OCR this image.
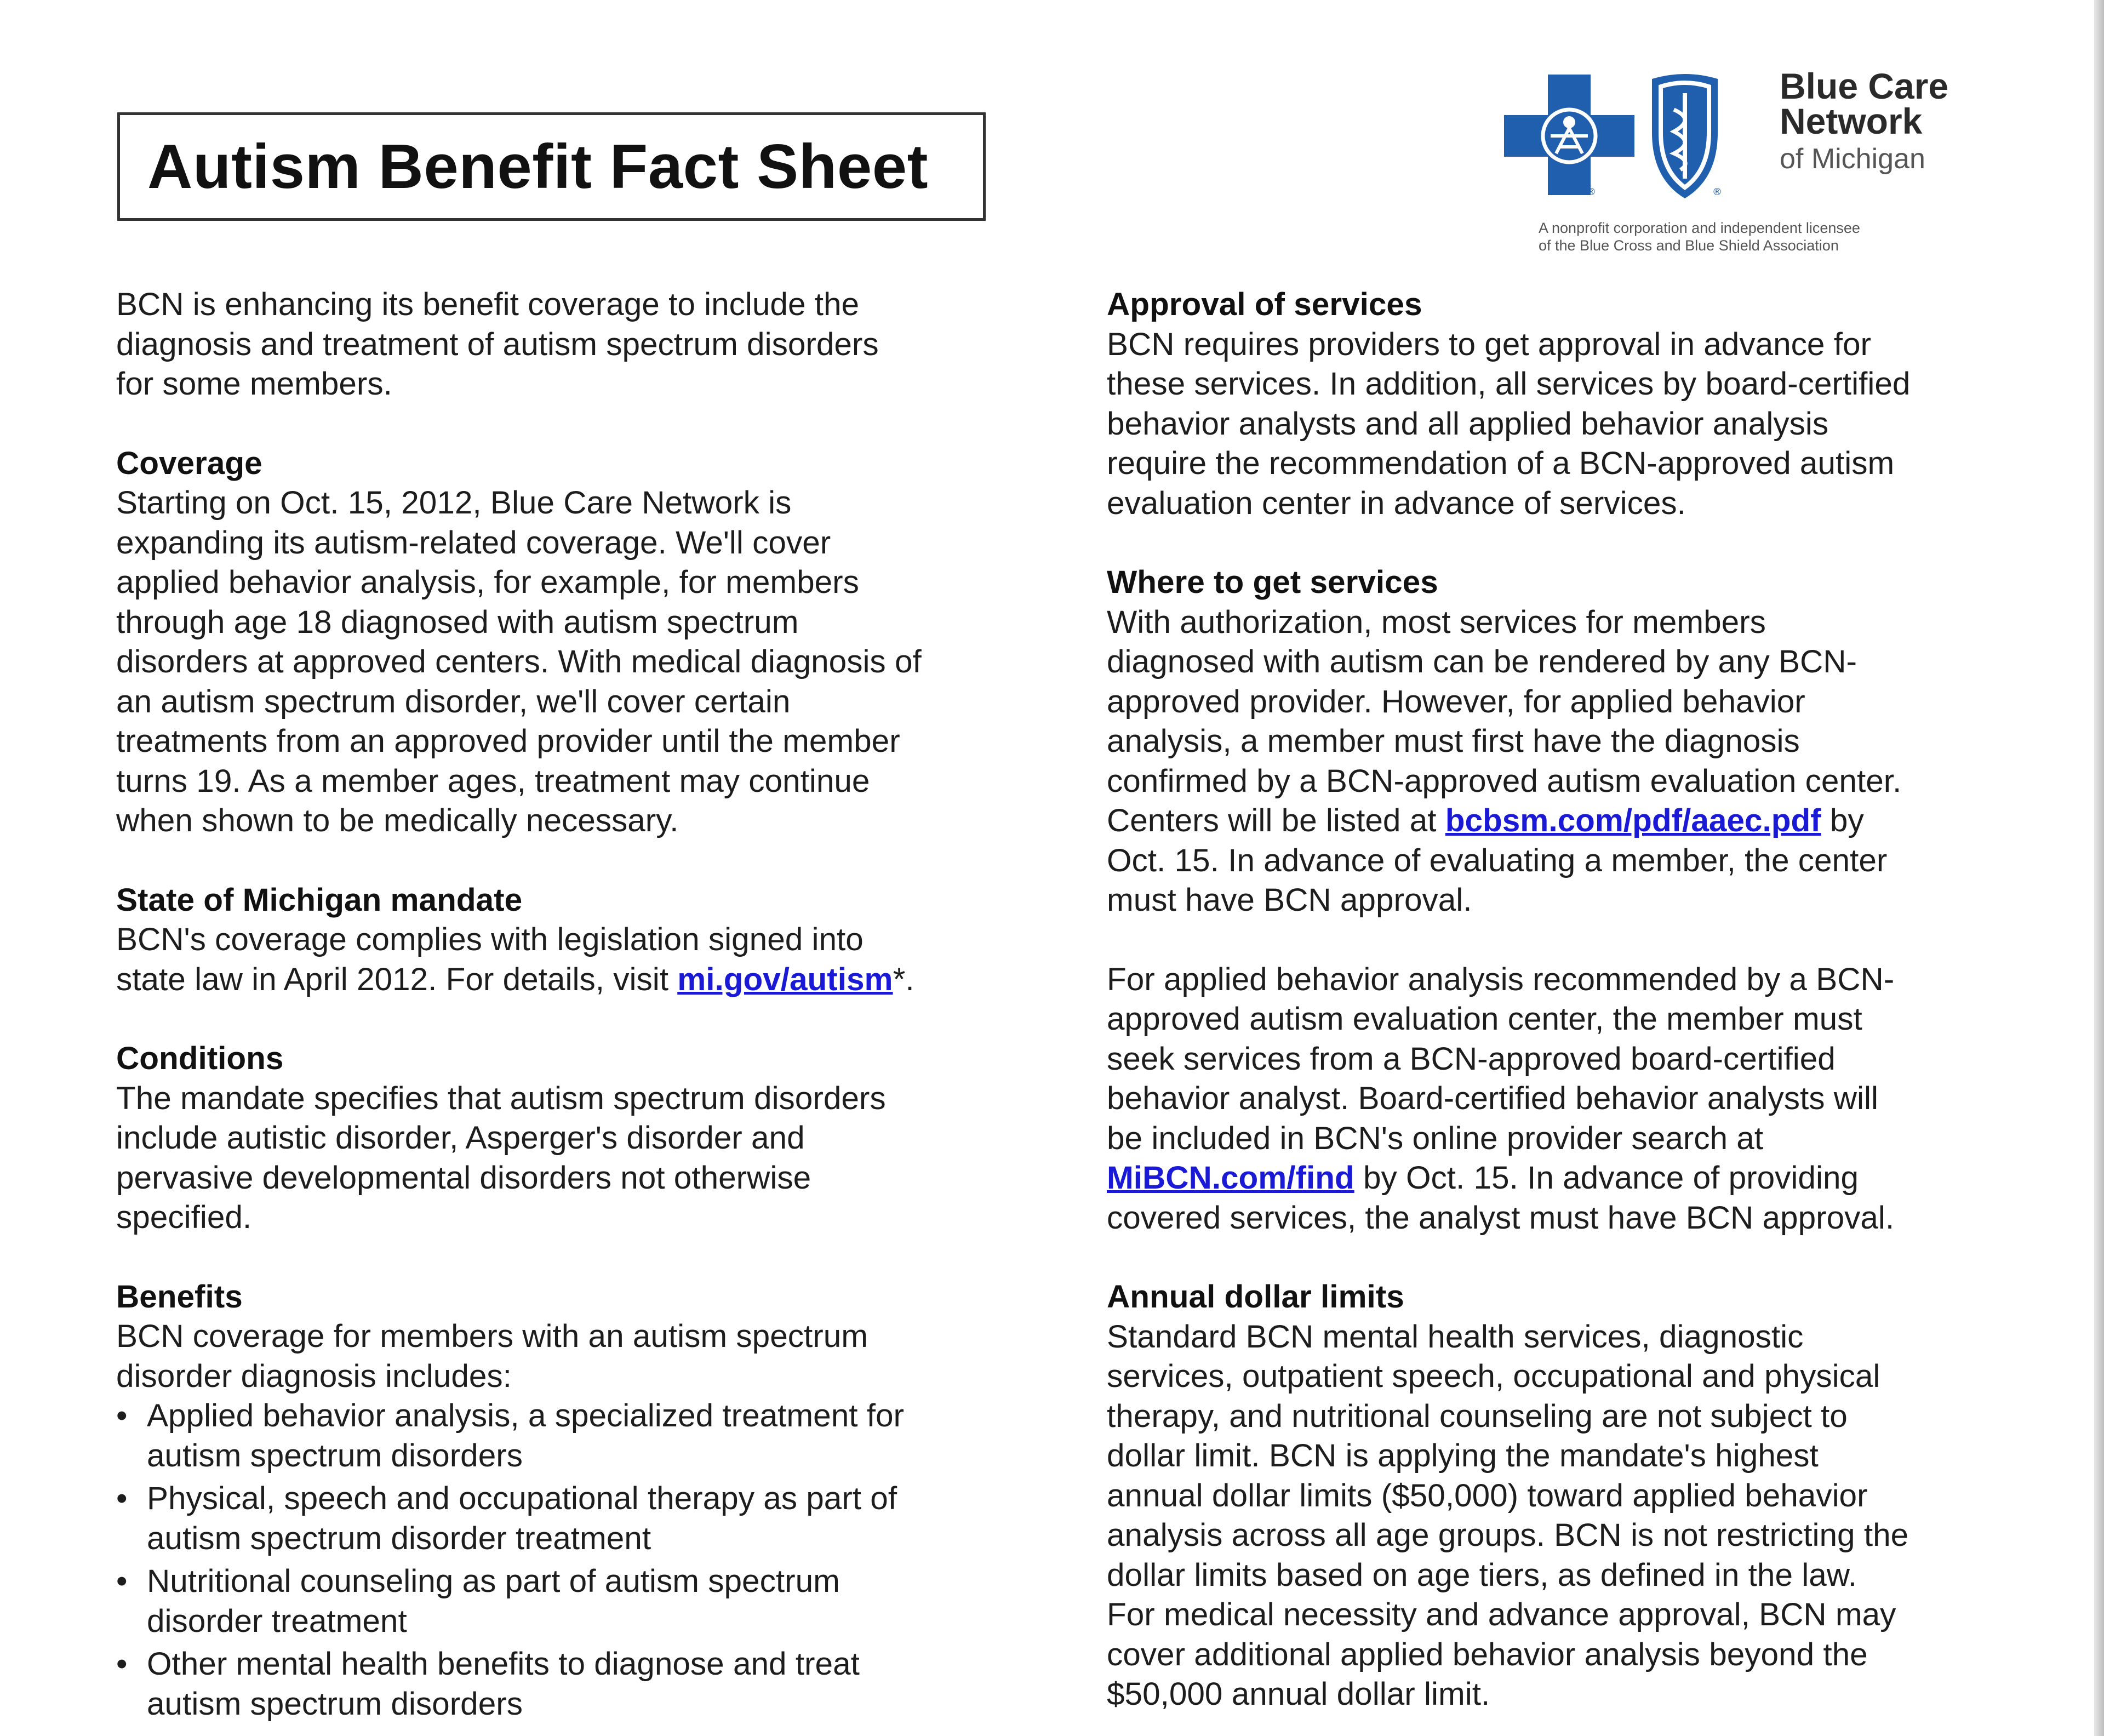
Autism Benefit Fact Sheet	®	®
Blue Care
Network
of Michigan
A nonprofit corporation and independent licensee
of the Blue Cross and Blue Shield Association
BCN is enhancing its benefit coverage to include the
diagnosis and treatment of autism spectrum disorders
for some members.
Coverage
Starting on Oct. 15, 2012, Blue Care Network is
expanding its autism-related coverage. We'll cover
applied behavior analysis, for example, for members
through age 18 diagnosed with autism spectrum
disorders at approved centers. With medical diagnosis of
an autism spectrum disorder, we'll cover certain
treatments from an approved provider until the member
turns 19. As a member ages, treatment may continue
when shown to be medically necessary.
State of Michigan mandate
BCN's coverage complies with legislation signed into
state law in April 2012. For details, visit mi.gov/autism*.
Conditions
The mandate specifies that autism spectrum disorders
include autistic disorder, Asperger's disorder and
pervasive developmental disorders not otherwise
specified.
Benefits
BCN coverage for members with an autism spectrum
disorder diagnosis includes:
• Applied behavior analysis, a specialized treatment for
autism spectrum disorders
• Physical, speech and occupational therapy as part of
autism spectrum disorder treatment
• Nutritional counseling as part of autism spectrum
disorder treatment
• Other mental health benefits to diagnose and treat
autism spectrum disorders
Approval of services
BCN requires providers to get approval in advance for
these services. In addition, all services by board-certified
behavior analysts and all applied behavior analysis
require the recommendation of a BCN-approved autism
evaluation center in advance of services.
Where to get services
With authorization, most services for members
diagnosed with autism can be rendered by any BCN-
approved provider. However, for applied behavior
analysis, a member must first have the diagnosis
confirmed by a BCN-approved autism evaluation center.
Centers will be listed at bcbsm.com/pdf/aaec.pdf by
Oct. 15. In advance of evaluating a member, the center
must have BCN approval.
For applied behavior analysis recommended by a BCN-
approved autism evaluation center, the member must
seek services from a BCN-approved board-certified
behavior analyst. Board-certified behavior analysts will
be included in BCN's online provider search at
MiBCN.com/find by Oct. 15. In advance of providing
covered services, the analyst must have BCN approval.
Annual dollar limits
Standard BCN mental health services, diagnostic
services, outpatient speech, occupational and physical
therapy, and nutritional counseling are not subject to
dollar limit. BCN is applying the mandate's highest
annual dollar limits ($50,000) toward applied behavior
analysis across all age groups. BCN is not restricting the
dollar limits based on age tiers, as defined in the law.
For medical necessity and advance approval, BCN may
cover additional applied behavior analysis beyond the
$50,000 annual dollar limit.
